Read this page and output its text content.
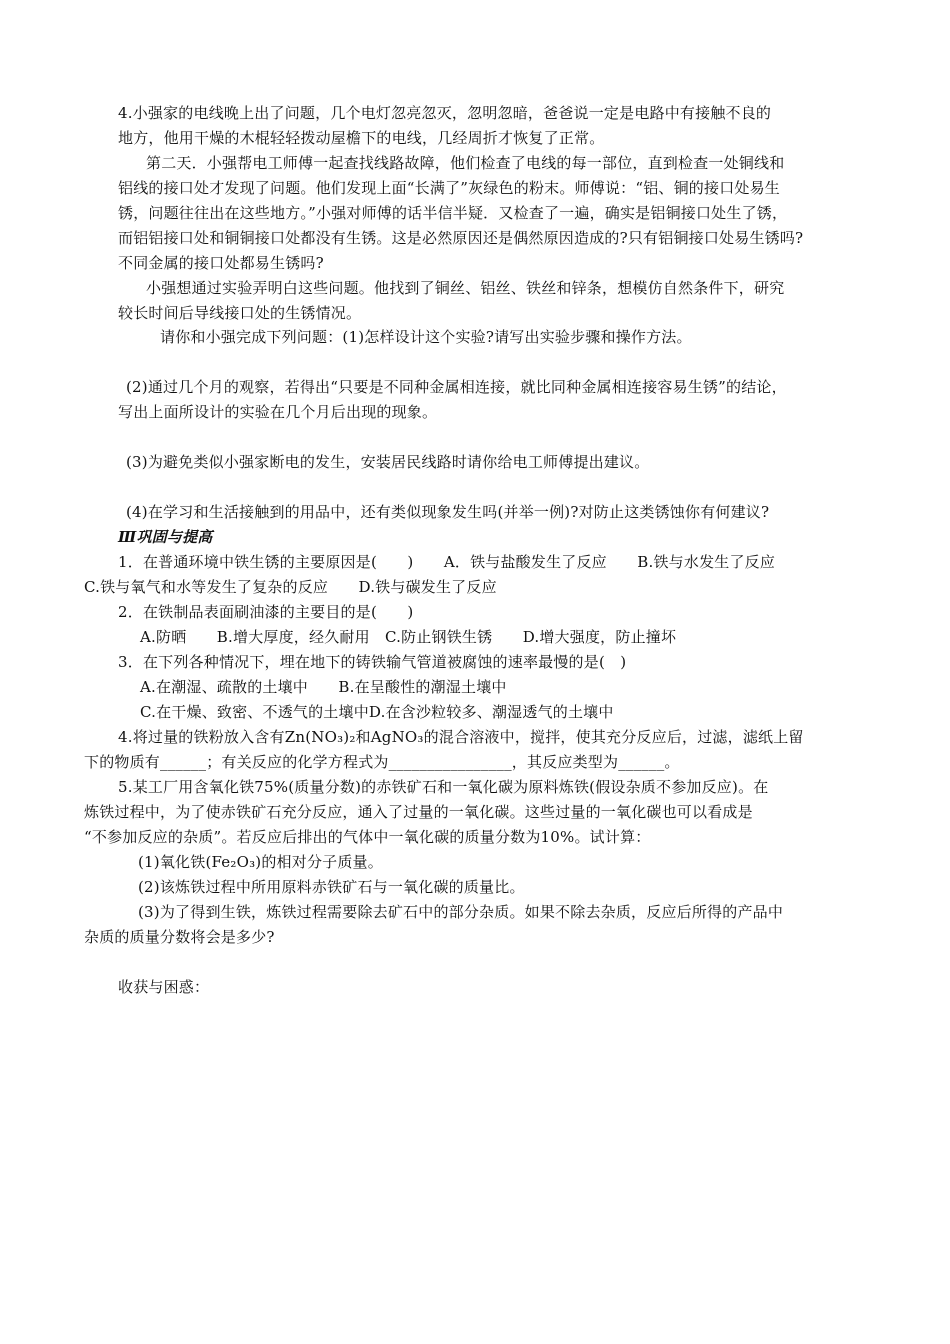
4.小强家的电线晚上出了问题，几个电灯忽亮忽灭，忽明忽暗，爸爸说一定是电路中有接触不良的
地方，他用干燥的木棍轻轻拨动屋檐下的电线，几经周折才恢复了正常。
第二天．小强帮电工师傅一起查找线路故障，他们检查了电线的每一部位，直到检查一处铜线和
铝线的接口处才发现了问题。他们发现上面“长满了”灰绿色的粉末。师傅说：“铝、铜的接口处易生
锈，问题往往出在这些地方。”小强对师傅的话半信半疑．又检查了一遍，确实是铝铜接口处生了锈，
而铝铝接口处和铜铜接口处都没有生锈。这是必然原因还是偶然原因造成的?只有铝铜接口处易生锈吗?
不同金属的接口处都易生锈吗?
小强想通过实验弄明白这些问题。他找到了铜丝、铝丝、铁丝和锌条，想模仿自然条件下，研究
较长时间后导线接口处的生锈情况。
请你和小强完成下列问题：(1)怎样设计这个实验?请写出实验步骤和操作方法。
(2)通过几个月的观察，若得出“只要是不同种金属相连接，就比同种金属相连接容易生锈”的结论，
写出上面所设计的实验在几个月后出现的现象。
(3)为避免类似小强家断电的发生，安装居民线路时请你给电工师傅提出建议。
(4)在学习和生活接触到的用品中，还有类似现象发生吗(并举一例)?对防止这类锈蚀你有何建议?
Ⅲ巩固与提高
1．在普通环境中铁生锈的主要原因是(　　)　　A．铁与盐酸发生了反应　　B.铁与水发生了反应
C.铁与氧气和水等发生了复杂的反应　　D.铁与碳发生了反应
2．在铁制品表面刷油漆的主要目的是(　　)
A.防晒　　B.增大厚度，经久耐用　C.防止钢铁生锈　　D.增大强度，防止撞坏
3．在下列各种情况下，埋在地下的铸铁输气管道被腐蚀的速率最慢的是(　)
A.在潮湿、疏散的土壤中　　B.在呈酸性的潮湿土壤中
C.在干燥、致密、不透气的土壤中D.在含沙粒较多、潮湿透气的土壤中
4.将过量的铁粉放入含有Zn(NO₃)₂和AgNO₃的混合溶液中，搅拌，使其充分反应后，过滤，滤纸上留
下的物质有______；有关反应的化学方程式为________________，其反应类型为______。
5.某工厂用含氧化铁75%(质量分数)的赤铁矿石和一氧化碳为原料炼铁(假设杂质不参加反应)。在
炼铁过程中，为了使赤铁矿石充分反应，通入了过量的一氧化碳。这些过量的一氧化碳也可以看成是
“不参加反应的杂质”。若反应后排出的气体中一氧化碳的质量分数为10%。试计算：
(1)氧化铁(Fe₂O₃)的相对分子质量。
(2)该炼铁过程中所用原料赤铁矿石与一氧化碳的质量比。
(3)为了得到生铁，炼铁过程需要除去矿石中的部分杂质。如果不除去杂质，反应后所得的产品中
杂质的质量分数将会是多少?
收获与困惑：
